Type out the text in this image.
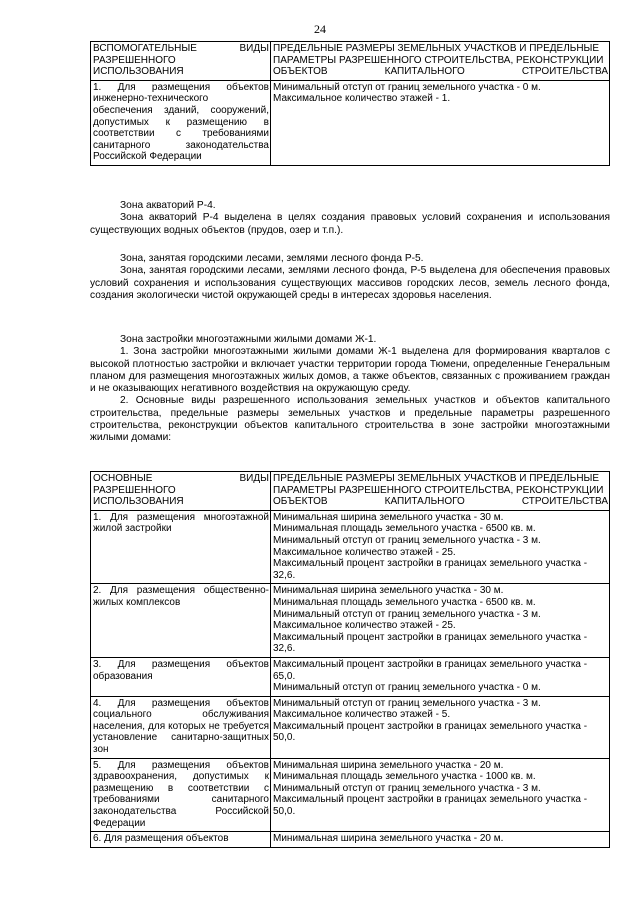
24
ВСПОМОГАТЕЛЬНЫЕ ВИДЫ РАЗРЕШЕННОГО ИСПОЛЬЗОВАНИЯ	ПРЕДЕЛЬНЫЕ РАЗМЕРЫ ЗЕМЕЛЬНЫХ УЧАСТКОВ И ПРЕДЕЛЬНЫЕ ПАРАМЕТРЫ РАЗРЕШЕННОГО СТРОИТЕЛЬСТВА, РЕКОНСТРУКЦИИ ОБЪЕКТОВ КАПИТАЛЬНОГО СТРОИТЕЛЬСТВА
1. Для размещения объектов инженерно-технического обеспечения зданий, сооружений, допустимых к размещению в соответствии с требованиями санитарного законодательства Российской Федерации	Минимальный отступ от границ земельного участка - 0 м.
Максимальное количество этажей - 1.

Зона акваторий Р-4.

Зона акваторий Р-4 выделена в целях создания правовых условий сохранения и использования существующих водных объектов (прудов, озер и т.п.).

Зона, занятая городскими лесами, землями лесного фонда Р-5.

Зона, занятая городскими лесами, землями лесного фонда, Р-5 выделена для обеспечения правовых условий сохранения и использования существующих массивов городских лесов, земель лесного фонда, создания экологически чистой окружающей среды в интересах здоровья населения.

Зона застройки многоэтажными жилыми домами Ж-1.

1. Зона застройки многоэтажными жилыми домами Ж-1 выделена для формирования кварталов с высокой плотностью застройки и включает участки территории города Тюмени, определенные Генеральным планом для размещения многоэтажных жилых домов, а также объектов, связанных с проживанием граждан и не оказывающих негативного воздействия на окружающую среду.

2. Основные виды разрешенного использования земельных участков и объектов капитального строительства, предельные размеры земельных участков и предельные параметры разрешенного строительства, реконструкции объектов капитального строительства в зоне застройки многоэтажными жилыми домами:

ОСНОВНЫЕ ВИДЫ РАЗРЕШЕННОГО ИСПОЛЬЗОВАНИЯ	ПРЕДЕЛЬНЫЕ РАЗМЕРЫ ЗЕМЕЛЬНЫХ УЧАСТКОВ И ПРЕДЕЛЬНЫЕ ПАРАМЕТРЫ РАЗРЕШЕННОГО СТРОИТЕЛЬСТВА, РЕКОНСТРУКЦИИ ОБЪЕКТОВ КАПИТАЛЬНОГО СТРОИТЕЛЬСТВА
1. Для размещения многоэтажной жилой застройки	Минимальная ширина земельного участка - 30 м.
Минимальная площадь земельного участка - 6500 кв. м.
Минимальный отступ от границ земельного участка - 3 м.
Максимальное количество этажей - 25.
Максимальный процент застройки в границах земельного участка - 32,6.

2. Для размещения общественно-жилых комплексов	Минимальная ширина земельного участка - 30 м.
Минимальная площадь земельного участка - 6500 кв. м.
Минимальный отступ от границ земельного участка - 3 м.
Максимальное количество этажей - 25.
Максимальный процент застройки в границах земельного участка - 32,6.

3. Для размещения объектов образования	Максимальный процент застройки в границах земельного участка - 65,0.
Минимальный отступ от границ земельного участка - 0 м.

4. Для размещения объектов социального обслуживания населения, для которых не требуется установление санитарно-защитных зон	Минимальный отступ от границ земельного участка - 3 м.
Максимальное количество этажей - 5.
Максимальный процент застройки в границах земельного участка - 50,0.

5. Для размещения объектов здравоохранения, допустимых к размещению в соответствии с требованиями санитарного законодательства Российской Федерации	Минимальная ширина земельного участка - 20 м.
Минимальная площадь земельного участка - 1000 кв. м.
Минимальный отступ от границ земельного участка - 3 м.
Максимальный процент застройки в границах земельного участка - 50,0.

6. Для размещения объектов	Минимальная ширина земельного участка - 20 м.
